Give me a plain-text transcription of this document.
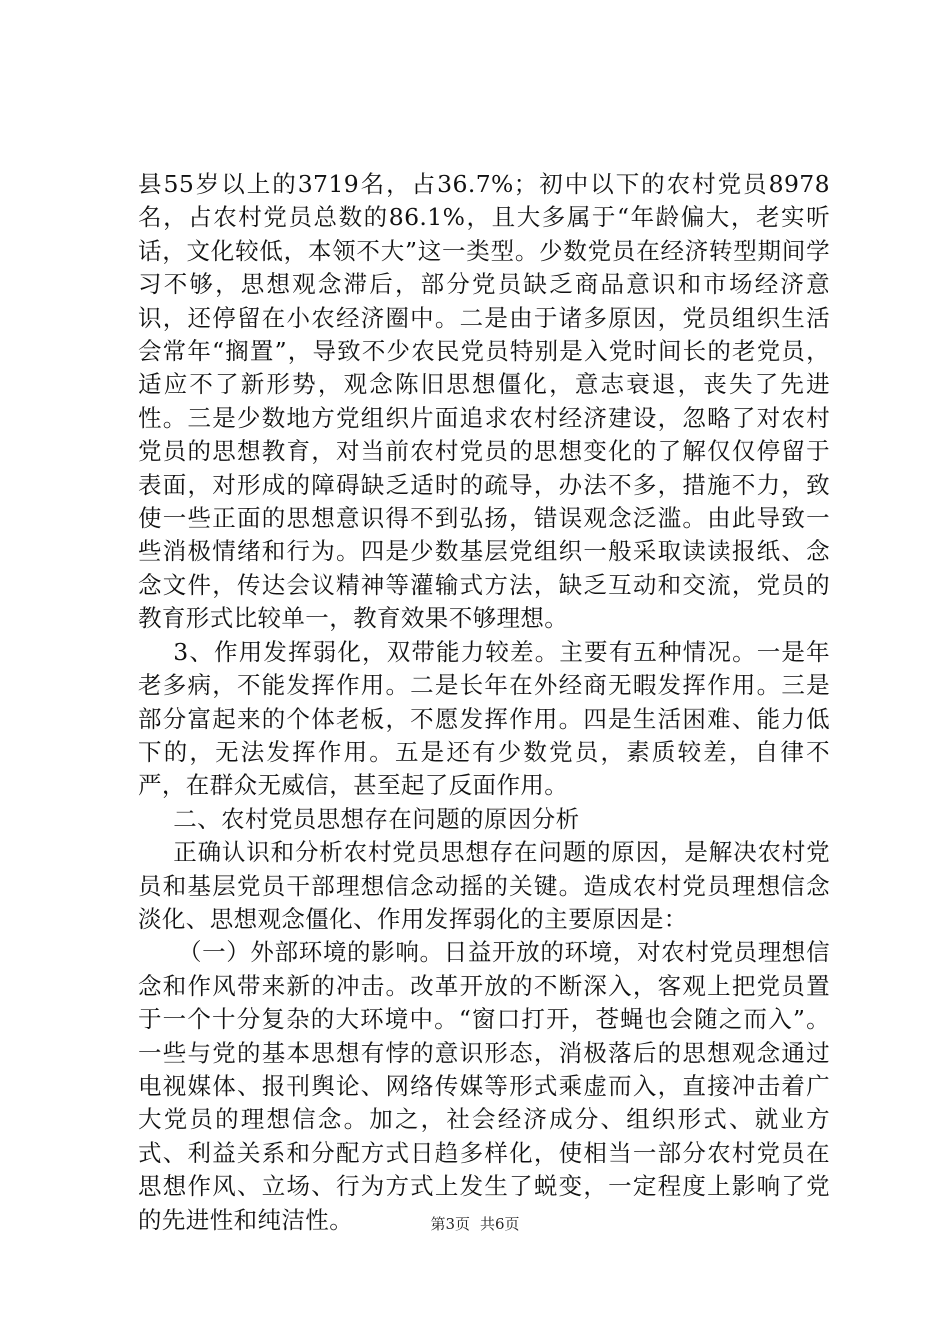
县55岁以上的3719名，占36.7%；初中以下的农村党员8978名，占农村党员总数的86.1%，且大多属于“年龄偏大，老实听话，文化较低，本领不大”这一类型。少数党员在经济转型期间学习不够，思想观念滞后，部分党员缺乏商品意识和市场经济意识，还停留在小农经济圈中。二是由于诸多原因，党员组织生活会常年“搁置”，导致不少农民党员特别是入党时间长的老党员，适应不了新形势，观念陈旧思想僵化，意志衰退，丧失了先进性。三是少数地方党组织片面追求农村经济建设，忽略了对农村党员的思想教育，对当前农村党员的思想变化的了解仅仅停留于表面，对形成的障碍缺乏适时的疏导，办法不多，措施不力，致使一些正面的思想意识得不到弘扬，错误观念泛滥。由此导致一些消极情绪和行为。四是少数基层党组织一般采取读读报纸、念念文件，传达会议精神等灌输式方法，缺乏互动和交流，党员的教育形式比较单一，教育效果不够理想。

3、作用发挥弱化，双带能力较差。主要有五种情况。一是年老多病，不能发挥作用。二是长年在外经商无暇发挥作用。三是部分富起来的个体老板，不愿发挥作用。四是生活困难、能力低下的，无法发挥作用。五是还有少数党员，素质较差，自律不严，在群众无威信，甚至起了反面作用。

二、农村党员思想存在问题的原因分析

正确认识和分析农村党员思想存在问题的原因，是解决农村党员和基层党员干部理想信念动摇的关键。造成农村党员理想信念淡化、思想观念僵化、作用发挥弱化的主要原因是：

（一）外部环境的影响。日益开放的环境，对农村党员理想信念和作风带来新的冲击。改革开放的不断深入，客观上把党员置于一个十分复杂的大环境中。“窗口打开，苍蝇也会随之而入”。一些与党的基本思想有悖的意识形态，消极落后的思想观念通过电视媒体、报刊舆论、网络传媒等形式乘虚而入，直接冲击着广大党员的理想信念。加之，社会经济成分、组织形式、就业方式、利益关系和分配方式日趋多样化，使相当一部分农村党员在思想作风、立场、行为方式上发生了蜕变，一定程度上影响了党的先进性和纯洁性。	第3页 共6页
